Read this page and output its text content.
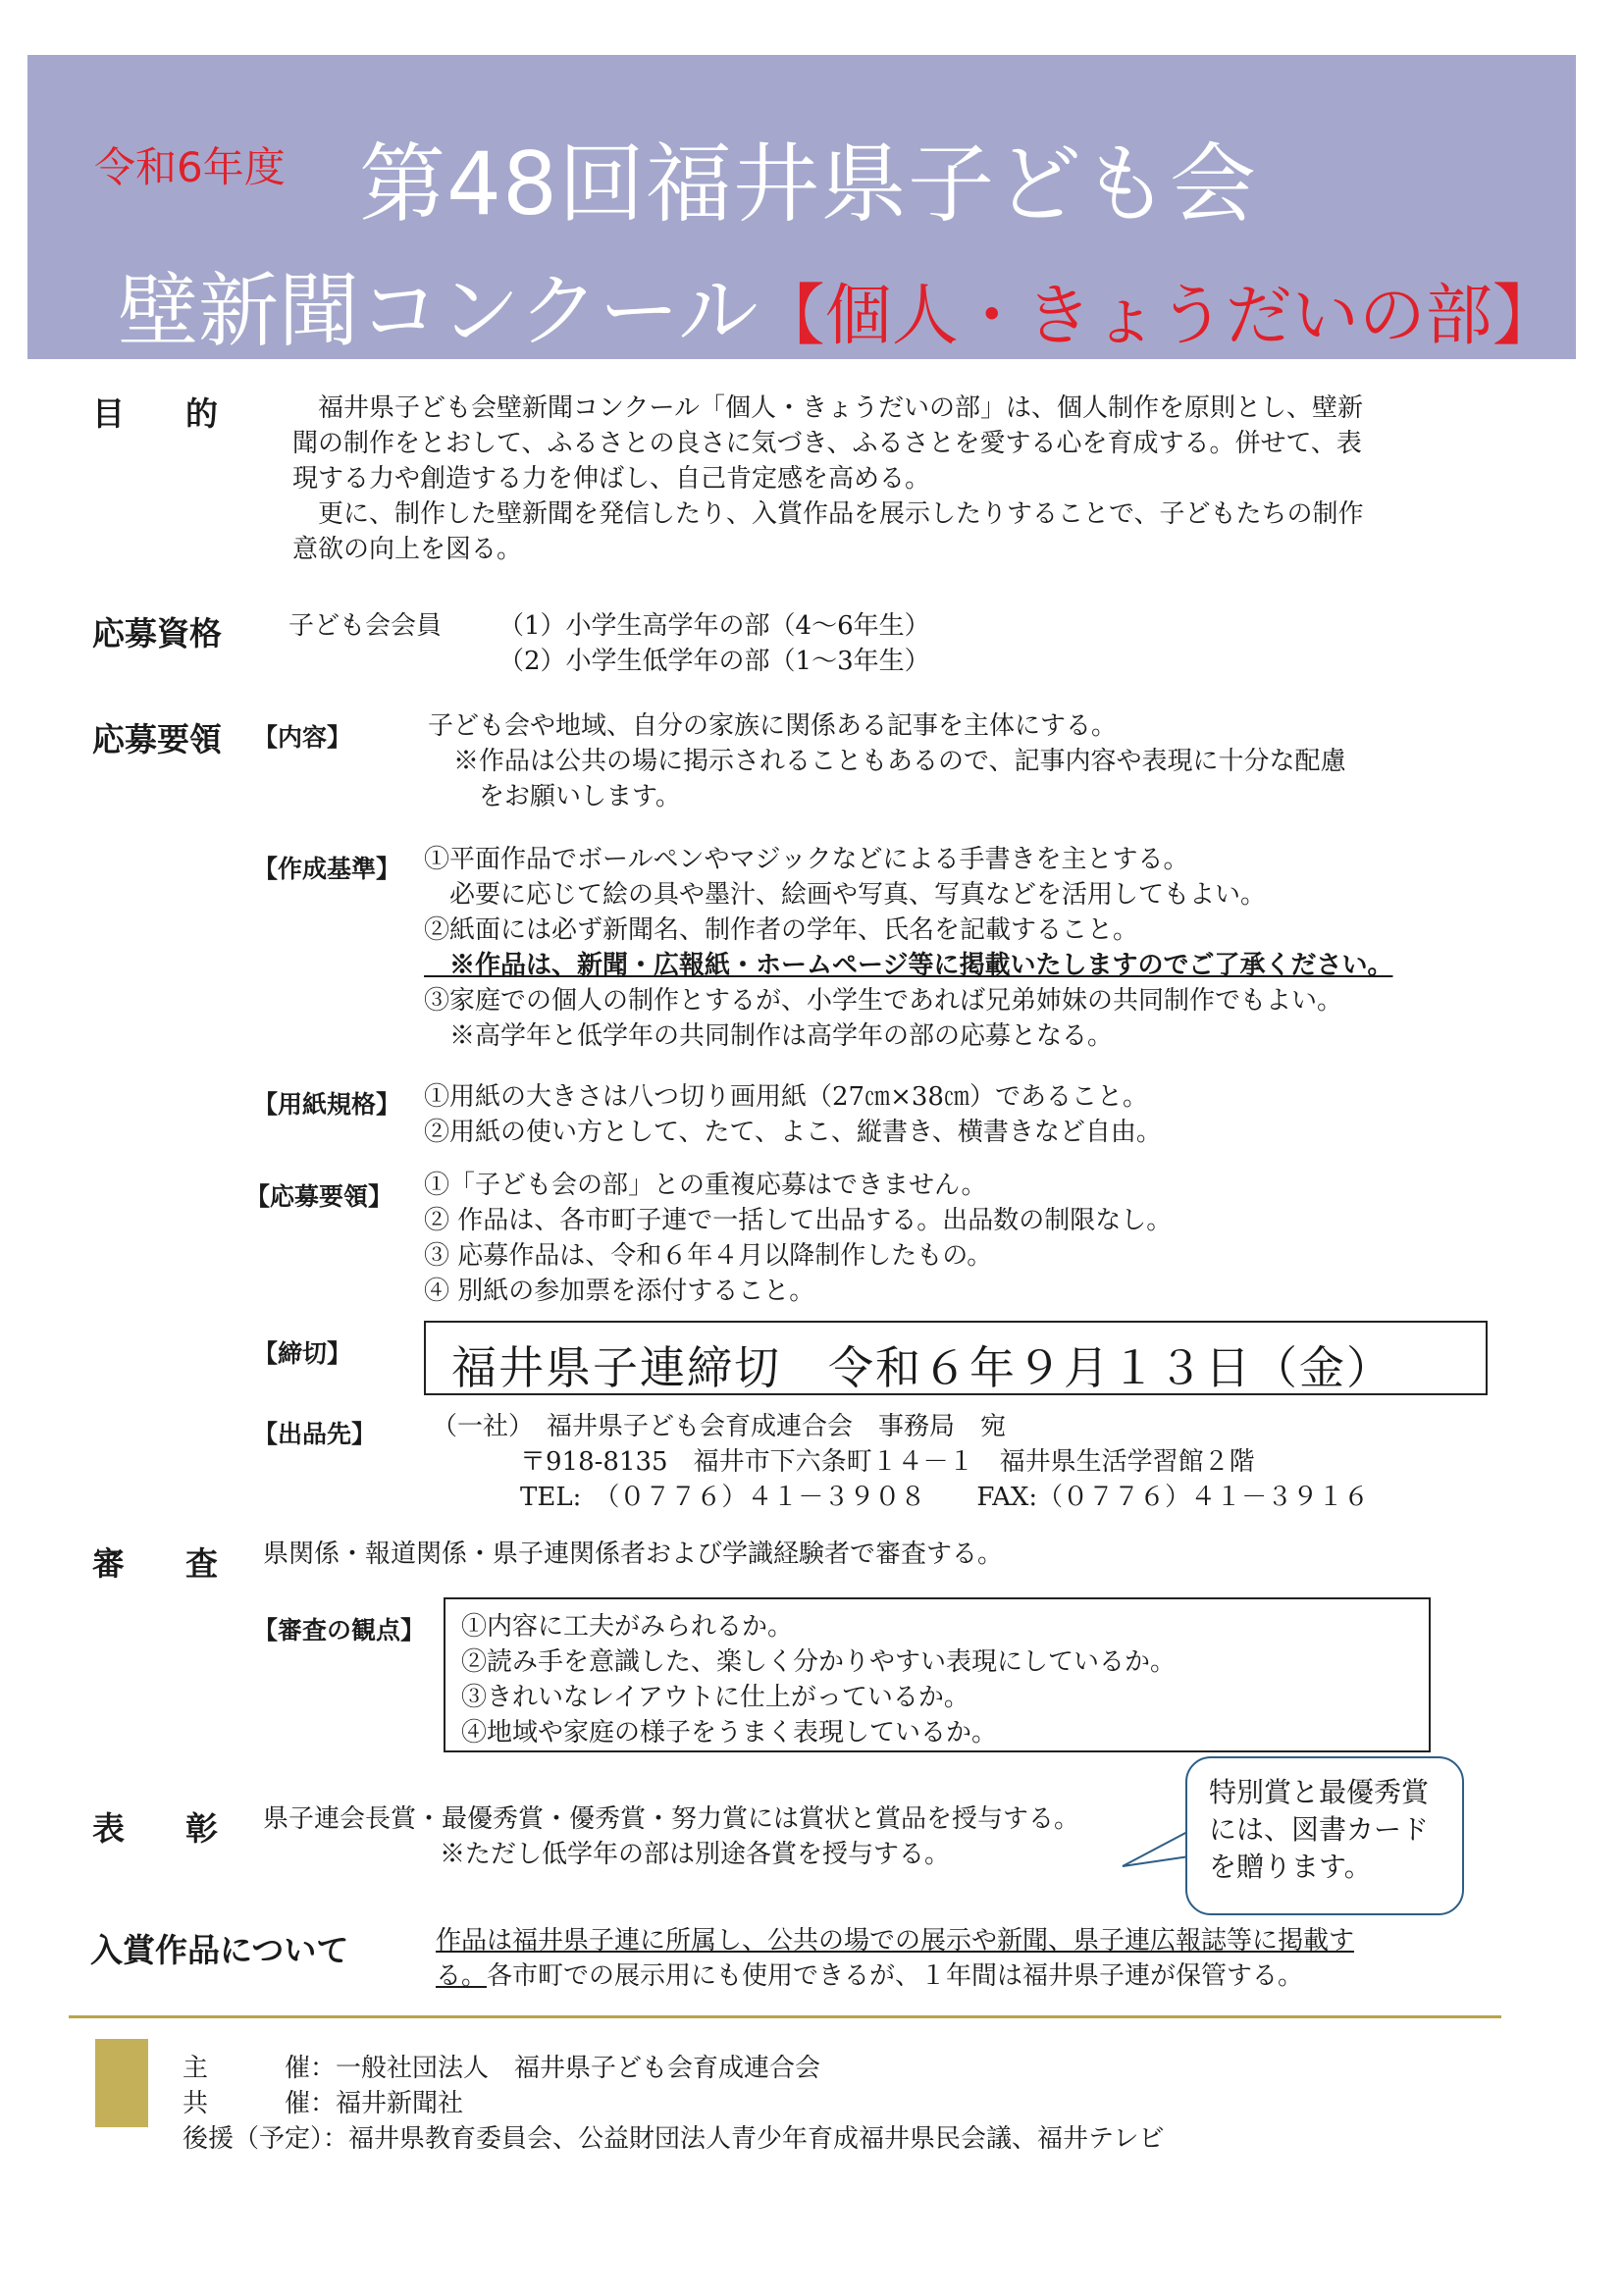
令和6年度 第48回福井県子ども会
壁新聞コンクール【個人・きょうだいの部】
目的 　福井県子ども会壁新聞コンクール「個人・きょうだいの部」は、個人制作を原則とし、壁新

聞の制作をとおして、ふるさとの良さに気づき、ふるさとを愛する心を育成する。併せて、表

現する力や創造する力を伸ばし、自己肯定感を高める。

　更に、制作した壁新聞を発信したり、入賞作品を展示したりすることで、子どもたちの制作

意欲の向上を図る。

応募資格	子ども会会員 （1）小学生高学年の部（4～6年生）

（2）小学生低学年の部（1～3年生）

応募要領 【内容】	子ども会や地域、自分の家族に関係ある記事を主体にする。

　※作品は公共の場に掲示されることもあるので、記事内容や表現に十分な配慮

　　をお願いします。

【作成基準】 ①平面作品でボールペンやマジックなどによる手書きを主とする。

　必要に応じて絵の具や墨汁、絵画や写真、写真などを活用してもよい。

②紙面には必ず新聞名、制作者の学年、氏名を記載すること。

　※作品は、新聞・広報紙・ホームページ等に掲載いたしますのでご了承ください。

③家庭での個人の制作とするが、小学生であれば兄弟姉妹の共同制作でもよい。

　※高学年と低学年の共同制作は高学年の部の応募となる。

【用紙規格】 ①用紙の大きさは八つ切り画用紙（27㎝×38㎝）であること。

②用紙の使い方として、たて、よこ、縦書き、横書きなど自由。

【応募要領】 ①「子ども会の部」との重複応募はできません。

② 作品は、各市町子連で一括して出品する。出品数の制限なし。

③ 応募作品は、令和６年４月以降制作したもの。

④ 別紙の参加票を添付すること。

【締切】 福井県子連締切　令和６年９月１３日（金）
【出品先】 （一社）　福井県子ども会育成連合会　事務局　宛
〒918-8135　福井市下六条町１４－１　福井県生活学習館２階
TEL:　（０７７６）４１－３９０８　　FAX:（０７７６）４１－３９１６
審査
県関係・報道関係・県子連関係者および学識経験者で審査する。
【審査の観点】 ①内容に工夫がみられるか。

②読み手を意識した、楽しく分かりやすい表現にしているか。

③きれいなレイアウトに仕上がっているか。

④地域や家庭の様子をうまく表現しているか。

表彰
県子連会長賞・最優秀賞・優秀賞・努力賞には賞状と賞品を授与する。
※ただし低学年の部は別途各賞を授与する。
特別賞と最優秀賞
には、図書カード
を贈ります。
入賞作品について	作品は福井県子連に所属し、公共の場での展示や新聞、県子連広報誌等に掲載す

る。各市町での展示用にも使用できるが、１年間は福井県子連が保管する。

主　　　催：一般社団法人　福井県子ども会育成連合会
共　　　催：福井新聞社
後援（予定）：福井県教育委員会、公益財団法人青少年育成福井県民会議、福井テレビ
